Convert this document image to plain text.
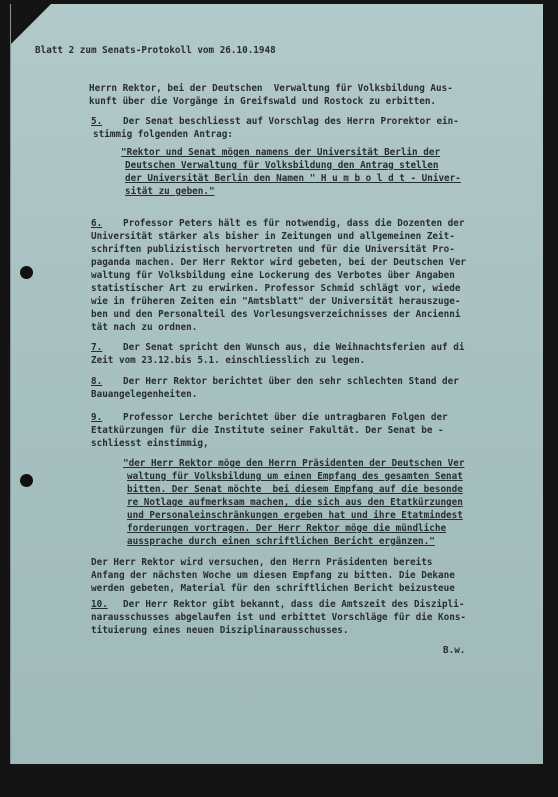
Blatt 2 zum Senats-Protokoll vom 26.10.1948

Herrn Rektor, bei der Deutschen  Verwaltung für Volksbildung Aus-

kunft über die Vorgänge in Greifswald und Rostock zu erbitten.

5.

Der Senat beschliesst auf Vorschlag des Herrn Prorektor ein-

stimmig folgenden Antrag:

"Rektor und Senat mögen namens der Universität Berlin der

Deutschen Verwaltung für Volksbildung den Antrag stellen

der Universität Berlin den Namen " H u m b o l d t - Univer-

sität zu geben."

6.

Professor Peters hält es für notwendig, dass die Dozenten der

Universität stärker als bisher in Zeitungen und allgemeinen Zeit-

schriften publizistisch hervortreten und für die Universität Pro-

paganda machen. Der Herr Rektor wird gebeten, bei der Deutschen Ver

waltung für Volksbildung eine Lockerung des Verbotes über Angaben

statistischer Art zu erwirken. Professor Schmid schlägt vor, wiede

wie in früheren Zeiten ein "Amtsblatt" der Universität herauszuge-

ben und den Personalteil des Vorlesungsverzeichnisses der Ancienni

tät nach zu ordnen.

7.

Der Senat spricht den Wunsch aus, die Weihnachtsferien auf di

Zeit vom 23.12.bis 5.1. einschliesslich zu legen.

8.

Der Herr Rektor berichtet über den sehr schlechten Stand der

Bauangelegenheiten.

9.

Professor Lerche berichtet über die untragbaren Folgen der

Etatkürzungen für die Institute seiner Fakultät. Der Senat be -

schliesst einstimmig,

"der Herr Rektor möge den Herrn Präsidenten der Deutschen Ver

waltung für Volksbildung um einen Empfang des gesamten Senat

bitten. Der Senat möchte  bei diesem Empfang auf die besonde

re Notlage aufmerksam machen, die sich aus den Etatkürzungen

und Personaleinschränkungen ergeben hat und ihre Etatmindest

forderungen vortragen. Der Herr Rektor möge die mündliche

aussprache durch einen schriftlichen Bericht ergänzen."

Der Herr Rektor wird versuchen, den Herrn Präsidenten bereits

Anfang der nächsten Woche um diesen Empfang zu bitten. Die Dekane

werden gebeten, Material für den schriftlichen Bericht beizusteue

10.

Der Herr Rektor gibt bekannt, dass die Amtszeit des Diszipli-

narausschusses abgelaufen ist und erbittet Vorschläge für die Kons-

tituierung eines neuen Disziplinarausschusses.

B.w.
